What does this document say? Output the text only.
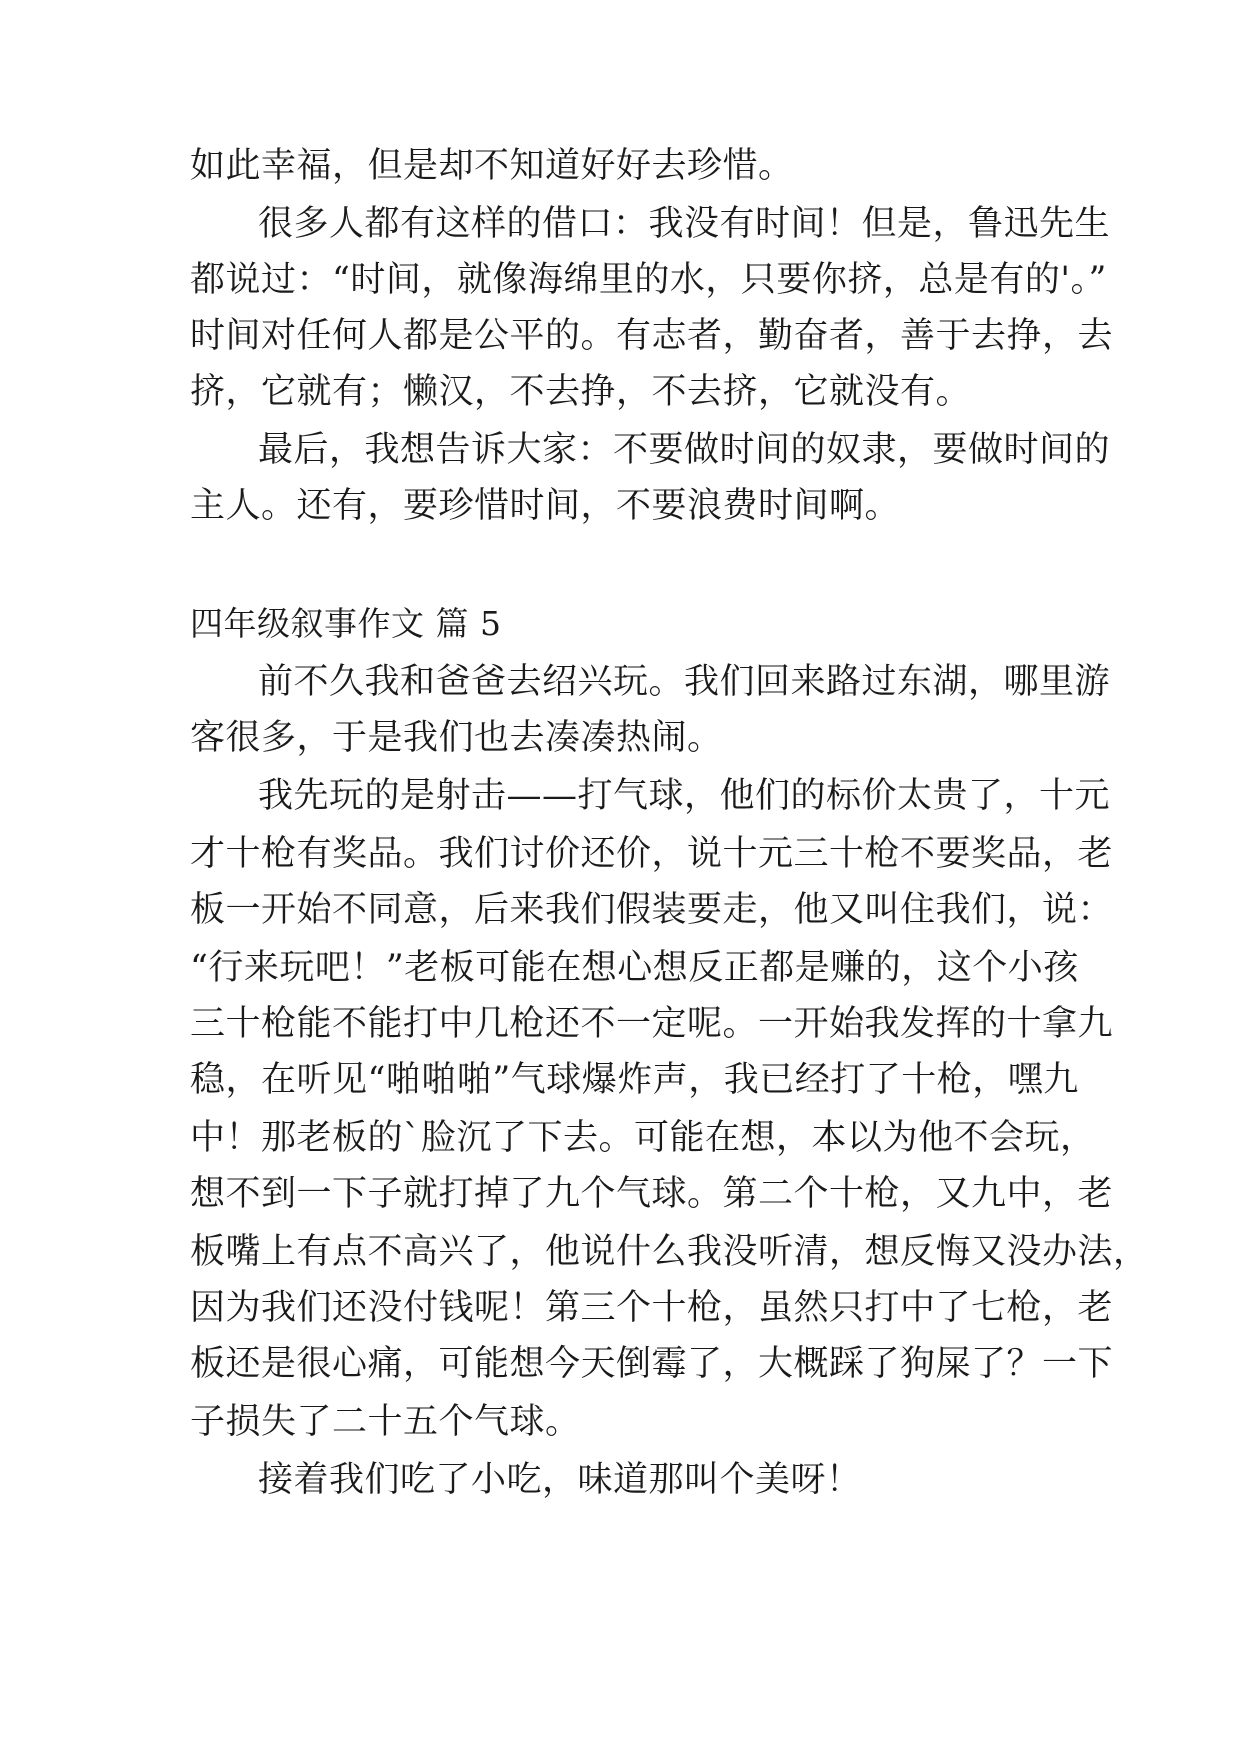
如此幸福，但是却不知道好好去珍惜。
很多人都有这样的借口：我没有时间！但是，鲁迅先生
都说过：“时间，就像海绵里的水，只要你挤，总是有的'。”
时间对任何人都是公平的。有志者，勤奋者，善于去挣，去
挤，它就有；懒汉，不去挣，不去挤，它就没有。
最后，我想告诉大家：不要做时间的奴隶，要做时间的
主人。还有，要珍惜时间，不要浪费时间啊。
四年级叙事作文 篇 5
前不久我和爸爸去绍兴玩。我们回来路过东湖，哪里游
客很多，于是我们也去凑凑热闹。
我先玩的是射击——打气球，他们的标价太贵了，十元
才十枪有奖品。我们讨价还价，说十元三十枪不要奖品，老
板一开始不同意，后来我们假装要走，他又叫住我们，说：
“行来玩吧！”老板可能在想心想反正都是赚的，这个小孩
三十枪能不能打中几枪还不一定呢。一开始我发挥的十拿九
稳，在听见“啪啪啪”气球爆炸声，我已经打了十枪，嘿九
中！那老板的`脸沉了下去。可能在想，本以为他不会玩，
想不到一下子就打掉了九个气球。第二个十枪，又九中，老
板嘴上有点不高兴了，他说什么我没听清，想反悔又没办法，
因为我们还没付钱呢！第三个十枪，虽然只打中了七枪，老
板还是很心痛，可能想今天倒霉了，大概踩了狗屎了？一下
子损失了二十五个气球。
接着我们吃了小吃，味道那叫个美呀！
